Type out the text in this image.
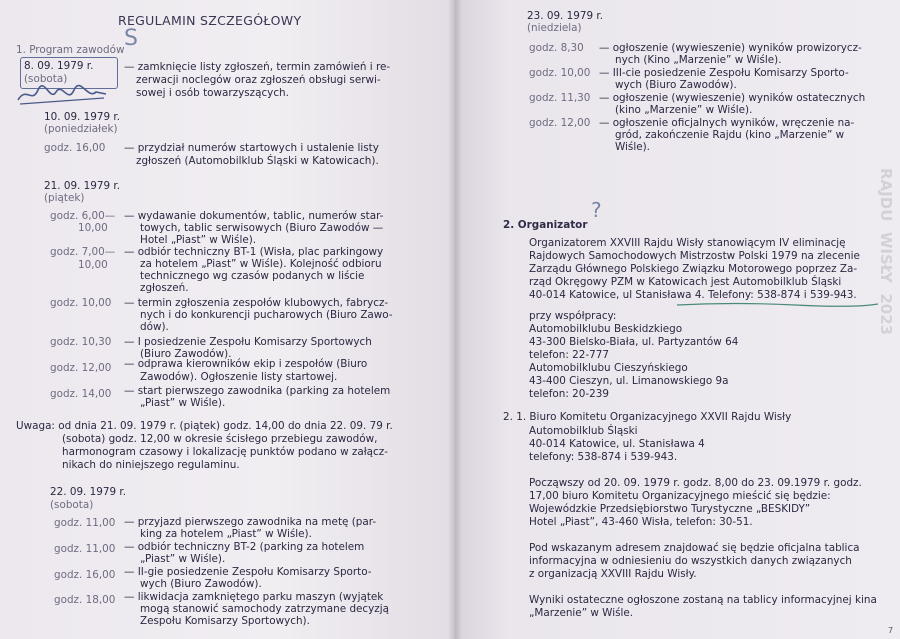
REGULAMIN SZCZEGÓŁOWY
S
1. Program zawodów
8. 09. 1979 r.
(sobota)
— zamknięcie listy zgłoszeń, termin zamówień i re-
zerwacji noclegów oraz zgłoszeń obsługi serwi-
sowej i osób towarzyszących.
10. 09. 1979 r.
(poniedziałek)
godz. 16,00 — przydział numerów startowych i ustalenie listy
zgłoszeń (Automobilklub Śląski w Katowicach).
21. 09. 1979 r.
(piątek)
godz. 6,00—
10,00
— wydawanie dokumentów, tablic, numerów star-
towych, tablic serwisowych (Biuro Zawodów —
Hotel „Piast” w Wiśle).
godz. 7,00—
10,00
— odbiór techniczny BT-1 (Wisła, plac parkingowy
za hotelem „Piast” w Wiśle). Kolejność odbioru
technicznego wg czasów podanych w liście
zgłoszeń.
godz. 10,00 — termin zgłoszenia zespołów klubowych, fabrycz-
nych i do konkurencji pucharowych (Biuro Zawo-
dów).
godz. 10,30 — I posiedzenie Zespołu Komisarzy Sportowych
(Biuro Zawodów).
godz. 12,00 — odprawa kierowników ekip i zespołów (Biuro
Zawodów). Ogłoszenie listy startowej.
godz. 14,00 — start pierwszego zawodnika (parking za hotelem
„Piast” w Wiśle).
Uwaga: od dnia 21. 09. 1979 r. (piątek) godz. 14,00 do dnia 22. 09. 79 r.
(sobota) godz. 12,00 w okresie ścisłego przebiegu zawodów,
harmonogram czasowy i lokalizację punktów podano w załącz-
nikach do niniejszego regulaminu.
22. 09. 1979 r.
(sobota)
godz. 11,00 — przyjazd pierwszego zawodnika na metę (par-
king za hotelem „Piast” w Wiśle).
godz. 11,00 — odbiór techniczny BT-2 (parking za hotelem
„Piast” w Wiśle).
godz. 16,00 — II-gie posiedzenie Zespołu Komisarzy Sporto-
wych (Biuro Zawodów).
godz. 18,00 — likwidacja zamkniętego parku maszyn (wyjątek
mogą stanowić samochody zatrzymane decyzją
Zespołu Komisarzy Sportowych).
23. 09. 1979 r.
(niedziela)
godz. 8,30 — ogłoszenie (wywieszenie) wyników prowizorycz-
nych (Kino „Marzenie” w Wiśle).
godz. 10,00 — III-cie posiedzenie Zespołu Komisarzy Sporto-
wych (Biuro Zawodów).
godz. 11,30 — ogłoszenie (wywieszenie) wyników ostatecznych
(kino „Marzenie” w Wiśle).
godz. 12,00 — ogłoszenie oficjalnych wyników, wręczenie na-
gród, zakończenie Rajdu (kino „Marzenie” w
Wiśle).
RAJDU  WISŁY  2023
2. Organizator
?
Organizatorem XXVIII Rajdu Wisły stanowiącym IV eliminację
Rajdowych Samochodowych Mistrzostw Polski 1979 na zlecenie
Zarządu Głównego Polskiego Związku Motorowego poprzez Za-
rząd Okręgowy PZM w Katowicach jest Automobilklub Śląski
40-014 Katowice, ul Stanisława 4. Telefony: 538-874 i 539-943.
przy współpracy:
Automobilklubu Beskidzkiego
43-300 Bielsko-Biała, ul. Partyzantów 64
telefon: 22-777
Automobilklubu Cieszyńskiego
43-400 Cieszyn, ul. Limanowskiego 9a
telefon: 20-239
2. 1. Biuro Komitetu Organizacyjnego XXVII Rajdu Wisły
Automobilklub Śląski
40-014 Katowice, ul. Stanisława 4
telefony: 538-874 i 539-943.
Począwszy od 20. 09. 1979 r. godz. 8,00 do 23. 09.1979 r. godz.
17,00 biuro Komitetu Organizacyjnego mieścić się będzie:
Wojewódzkie Przedsiębiorstwo Turystyczne „BESKIDY”
Hotel „Piast”, 43-460 Wisła, telefon: 30-51.
Pod wskazanym adresem znajdować się będzie oficjalna tablica
informacyjna w odniesieniu do wszystkich danych związanych
z organizacją XXVIII Rajdu Wisły.
Wyniki ostateczne ogłoszone zostaną na tablicy informacyjnej kina
„Marzenie” w Wiśle.
7
